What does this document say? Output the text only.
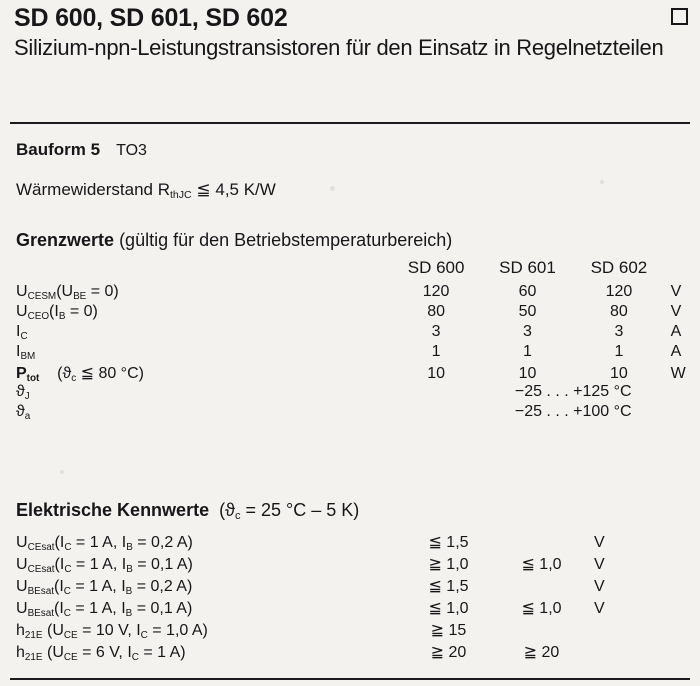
SD 600, SD 601, SD 602
Silizium-npn-Leistungstransistoren für den Einsatz in Regelnetzteilen
Bauform 5 TO3
Wärmewiderstand $R_{thJC}$ ≦ 4,5 K/W
Grenzwerte (gültig für den Betriebstemperaturbereich)
	SD 600	SD 601	SD 602	
$U_{CESM}(U_{BE} = 0)$	120	60	120	V
$U_{CEO}(I_B = 0)$	80	50	80	V
$I_C$	3	3	3	A
$I_{BM}$	1	1	1	A
$P_{tot}$ ($ϑ_c$ ≦ 80 °C)	10	10	10	W
$ϑ_J$		−25 . . . +125 °C		
$ϑ_a$		−25 . . . +100 °C		
Elektrische Kennwerte ($ϑ_c = 25$ °C – 5 K)
$U_{CEsat}(I_C = 1$ A, $I_B = 0,2$ A)	≦ 1,5		V
$U_{CEsat}(I_C = 1$ A, $I_B = 0,1$ A)	≧ 1,0	≦ 1,0	V
$U_{BEsat}(I_C = 1$ A, $I_B = 0,2$ A)	≦ 1,5		V
$U_{BEsat}(I_C = 1$ A, $I_B = 0,1$ A)	≦ 1,0	≦ 1,0	V
$h_{21E}$ ($U_{CE} = 10$ V, $I_C = 1,0$ A)	≧ 15		
$h_{21E}$ ($U_{CE} = 6$ V, $I_C = 1$ A)	≧ 20	≧ 20	
